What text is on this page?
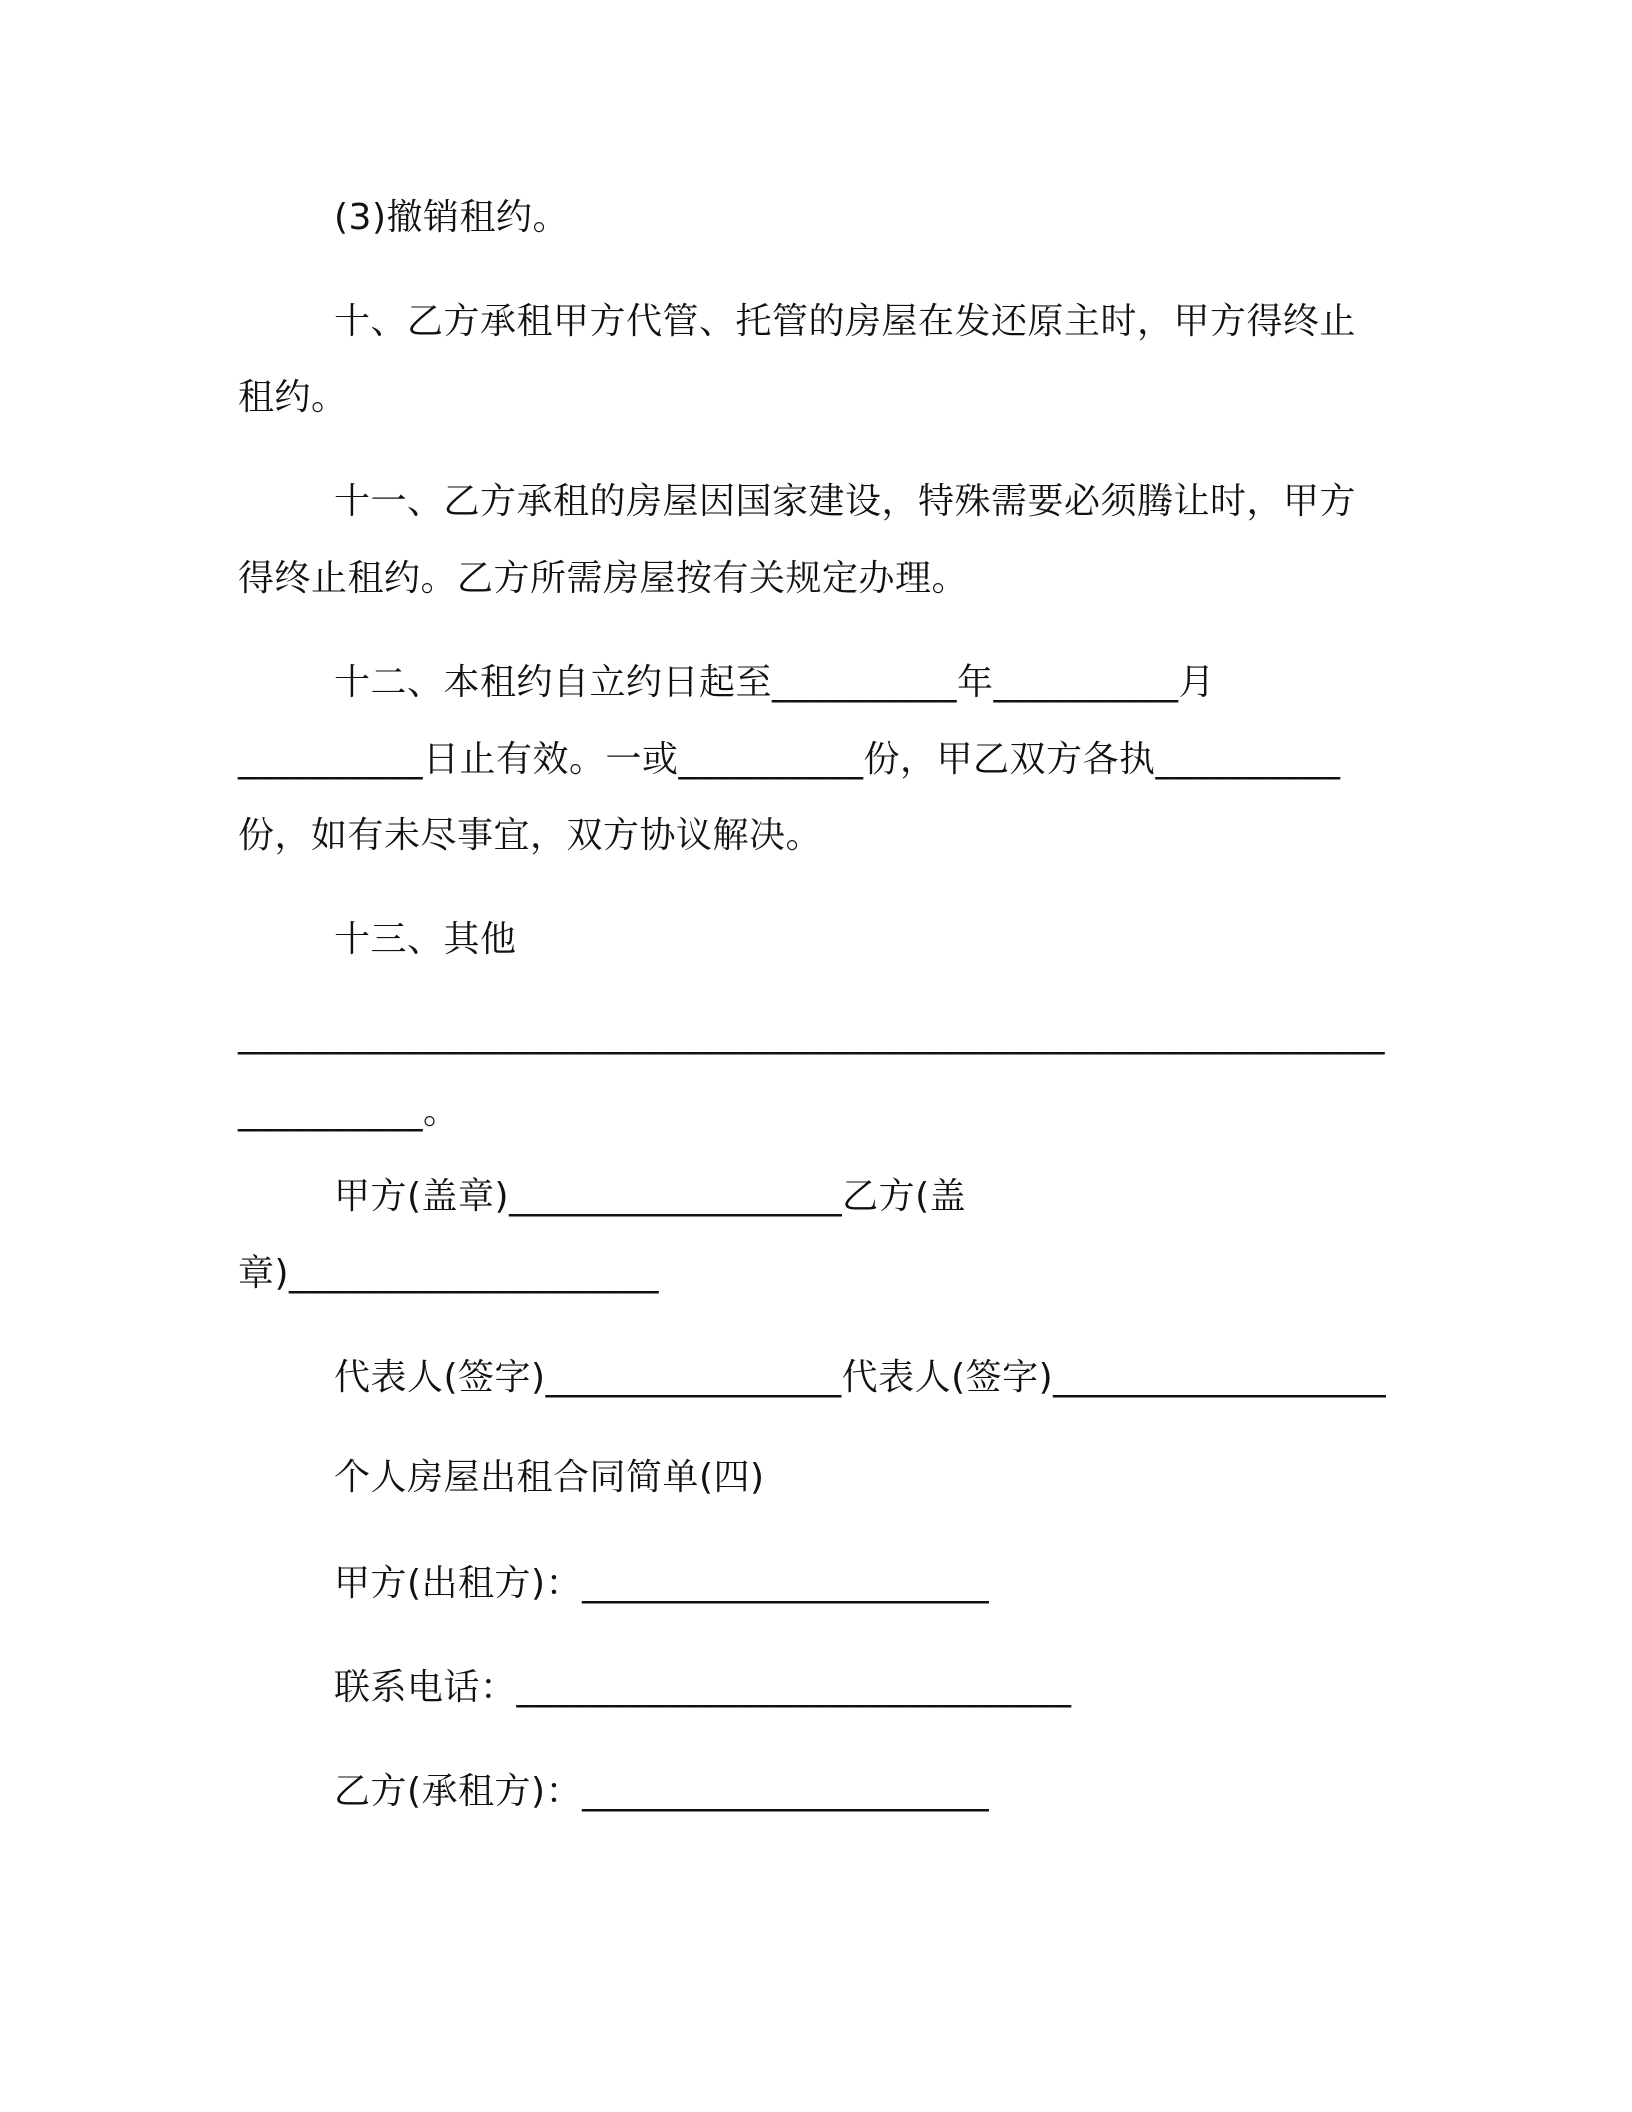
(3)撤销租约。
十、乙方承租甲方代管、托管的房屋在发还原主时，甲方得终止
租约。
十一、乙方承租的房屋因国家建设，特殊需要必须腾让时，甲方
得终止租约。乙方所需房屋按有关规定办理。
十二、本租约自立约日起至__________年__________月
__________日止有效。一或__________份，甲乙双方各执__________
份，如有未尽事宜，双方协议解决。
十三、其他
______________________________________________________________
__________。
甲方(盖章)__________________乙方(盖
章)____________________
代表人(签字)________________代表人(签字)__________________
个人房屋出租合同简单(四)
甲方(出租方)：______________________
联系电话：______________________________
乙方(承租方)：______________________
